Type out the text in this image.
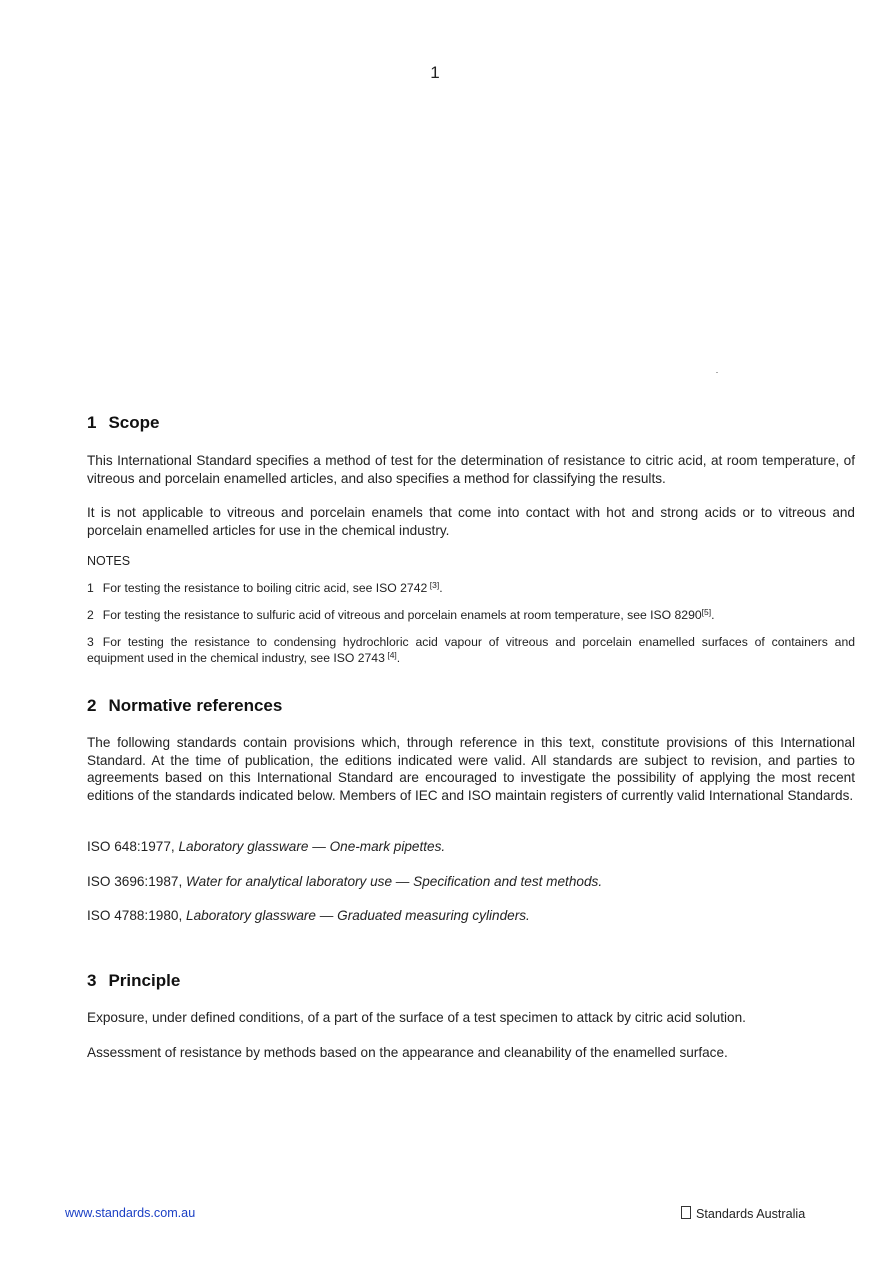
1
1 Scope

This International Standard specifies a method of test for the determination of resistance to citric acid, at room temperature, of vitreous and porcelain enamelled articles, and also specifies a method for classifying the results.

It is not applicable to vitreous and porcelain enamels that come into contact with hot and strong acids or to vitreous and porcelain enamelled articles for use in the chemical industry.

NOTES

1 For testing the resistance to boiling citric acid, see ISO 2742  [3].

2 For testing the resistance to sulfuric acid of vitreous and porcelain enamels at room temperature, see ISO 8290[5].

3 For testing the resistance to condensing hydrochloric acid vapour of vitreous and porcelain enamelled surfaces of containers and equipment used in the chemical industry, see ISO 2743  [4].

2 Normative references

The following standards contain provisions which, through reference in this text, constitute provisions of this International Standard. At the time of publication, the editions indicated were valid. All standards are subject to revision, and parties to agreements based on this International Standard are encouraged to investigate the possibility of applying the most recent editions of the standards indicated below. Members of IEC and ISO maintain registers of currently valid International Standards.

ISO 648:1977, Laboratory glassware — One-mark pipettes.

ISO 3696:1987, Water for analytical laboratory use — Specification and test methods.

ISO 4788:1980, Laboratory glassware — Graduated measuring cylinders.

3 Principle

Exposure, under defined conditions, of a part of the surface of a test specimen to attack by citric acid solution.

Assessment of resistance by methods based on the appearance and cleanability of the enamelled surface.

www.standards.com.au	Standards Australia
